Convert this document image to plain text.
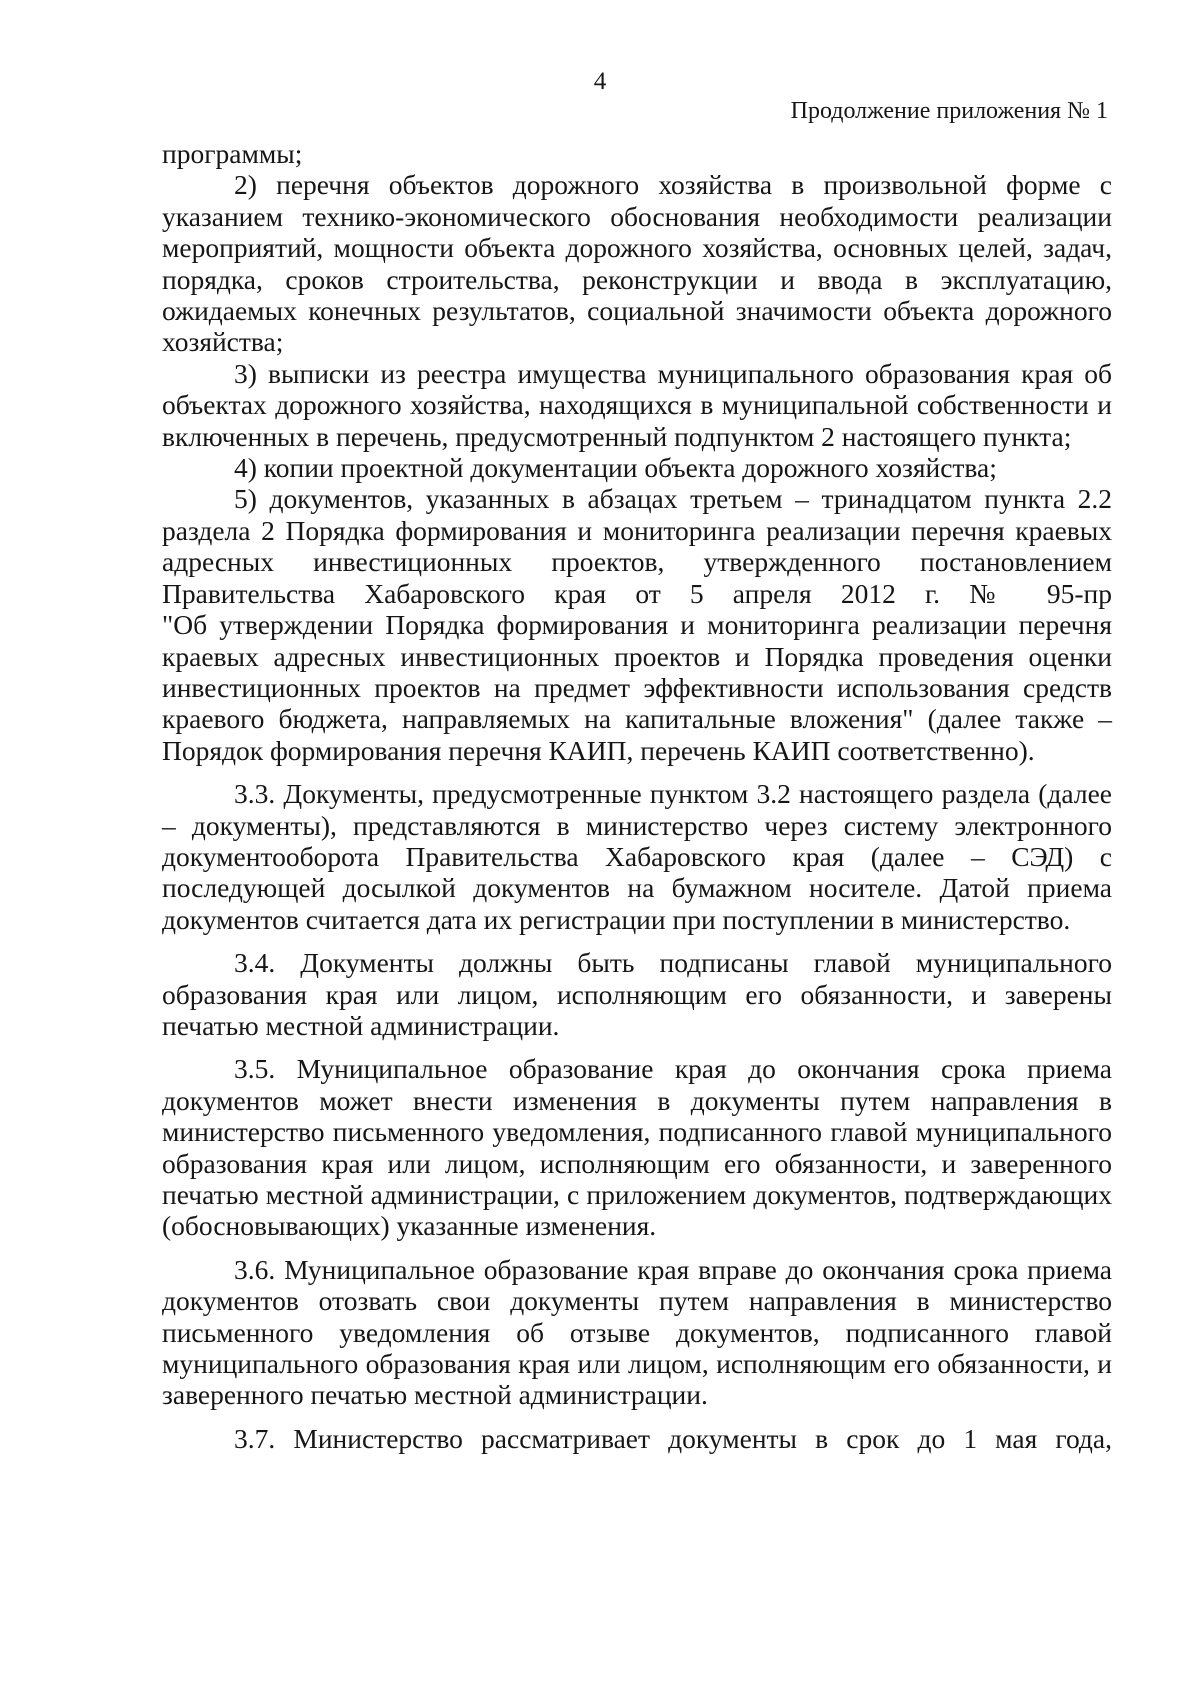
4
Продолжение приложения № 1

программы;

2) перечня объектов дорожного хозяйства в произвольной форме с указанием технико-экономического обоснования необходимости реализации мероприятий, мощности объекта дорожного хозяйства, основных целей, задач, порядка, сроков строительства, реконструкции и ввода в эксплуатацию, ожидаемых конечных результатов, социальной значимости объекта дорожного хозяйства;

3) выписки из реестра имущества муниципального образования края об объектах дорожного хозяйства, находящихся в муниципальной собственности и включенных в перечень, предусмотренный подпунктом 2 настоящего пункта;

4) копии проектной документации объекта дорожного хозяйства;

5) документов, указанных в абзацах третьем – тринадцатом пункта 2.2 раздела 2 Порядка формирования и мониторинга реализации перечня краевых адресных инвестиционных проектов, утвержденного постановлением Правительства Хабаровского края от 5 апреля 2012 г. № 95-пр

"Об утверждении Порядка формирования и мониторинга реализации перечня краевых адресных инвестиционных проектов и Порядка проведения оценки инвестиционных проектов на предмет эффективности использования средств краевого бюджета, направляемых на капитальные вложения" (далее также – Порядок формирования перечня КАИП, перечень КАИП соответственно).

3.3. Документы, предусмотренные пунктом 3.2 настоящего раздела (далее – документы), представляются в министерство через систему электронного документооборота Правительства Хабаровского края (далее – СЭД) с последующей досылкой документов на бумажном носителе. Датой приема документов считается дата их регистрации при поступлении в министерство.

3.4. Документы должны быть подписаны главой муниципального образования края или лицом, исполняющим его обязанности, и заверены печатью местной администрации.

3.5. Муниципальное образование края до окончания срока приема документов может внести изменения в документы путем направления в министерство письменного уведомления, подписанного главой муниципального образования края или лицом, исполняющим его обязанности, и заверенного печатью местной администрации, с приложением документов, подтверждающих (обосновывающих) указанные изменения.

3.6. Муниципальное образование края вправе до окончания срока приема документов отозвать свои документы путем направления в министерство письменного уведомления об отзыве документов, подписанного главой муниципального образования края или лицом, исполняющим его обязанности, и заверенного печатью местной администрации.

3.7. Министерство рассматривает документы в срок до 1 мая года,
